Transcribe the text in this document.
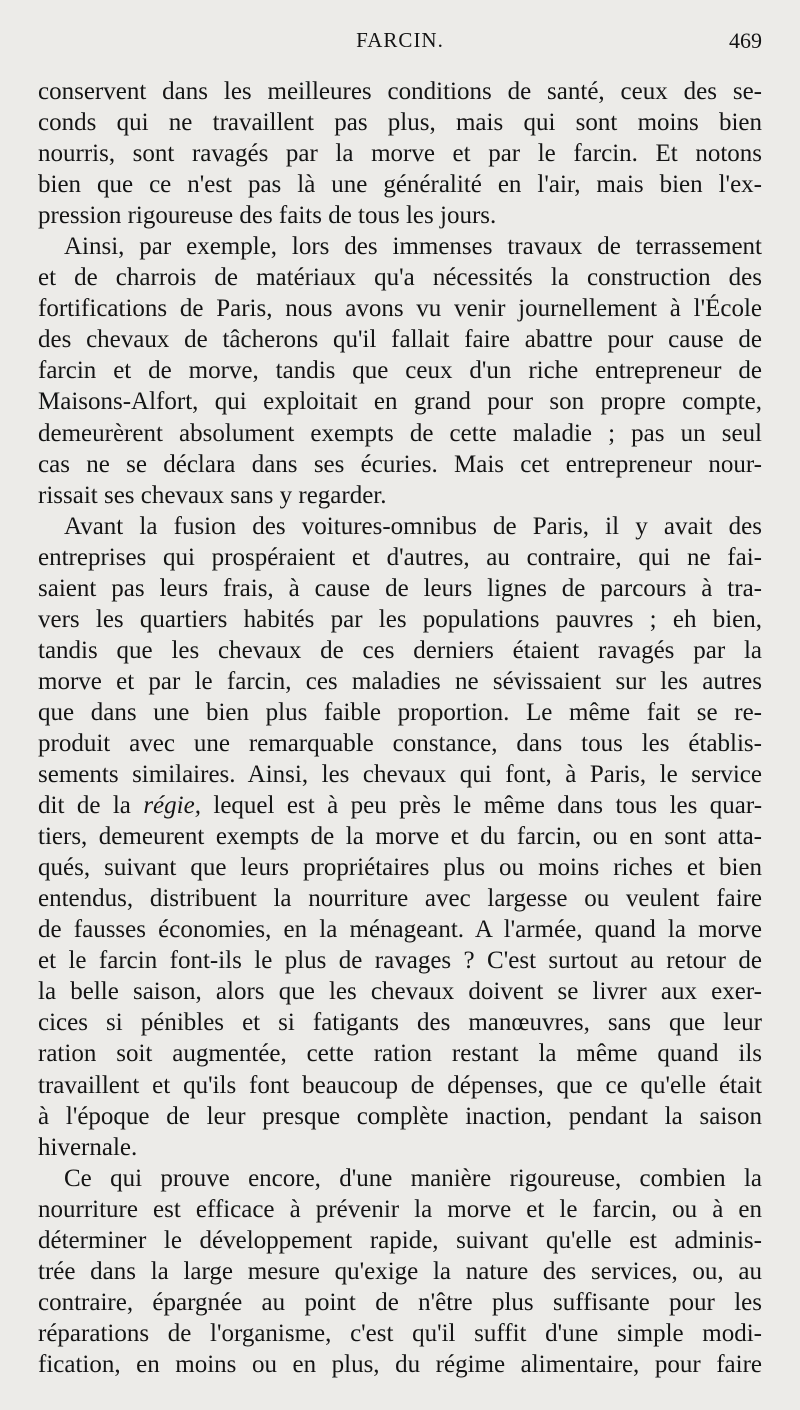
FARCIN.	469
conservent dans les meilleures conditions de santé, ceux des se-
conds qui ne travaillent pas plus, mais qui sont moins bien
nourris, sont ravagés par la morve et par le farcin. Et notons
bien que ce n'est pas là une généralité en l'air, mais bien l'ex-
pression rigoureuse des faits de tous les jours.
Ainsi, par exemple, lors des immenses travaux de terrassement
et de charrois de matériaux qu'a nécessités la construction des
fortifications de Paris, nous avons vu venir journellement à l'École
des chevaux de tâcherons qu'il fallait faire abattre pour cause de
farcin et de morve, tandis que ceux d'un riche entrepreneur de
Maisons-Alfort, qui exploitait en grand pour son propre compte,
demeurèrent absolument exempts de cette maladie ; pas un seul
cas ne se déclara dans ses écuries. Mais cet entrepreneur nour-
rissait ses chevaux sans y regarder.
Avant la fusion des voitures-omnibus de Paris, il y avait des
entreprises qui prospéraient et d'autres, au contraire, qui ne fai-
saient pas leurs frais, à cause de leurs lignes de parcours à tra-
vers les quartiers habités par les populations pauvres ; eh bien,
tandis que les chevaux de ces derniers étaient ravagés par la
morve et par le farcin, ces maladies ne sévissaient sur les autres
que dans une bien plus faible proportion. Le même fait se re-
produit avec une remarquable constance, dans tous les établis-
sements similaires. Ainsi, les chevaux qui font, à Paris, le service
dit de la régie, lequel est à peu près le même dans tous les quar-
tiers, demeurent exempts de la morve et du farcin, ou en sont atta-
qués, suivant que leurs propriétaires plus ou moins riches et bien
entendus, distribuent la nourriture avec largesse ou veulent faire
de fausses économies, en la ménageant. A l'armée, quand la morve
et le farcin font-ils le plus de ravages ? C'est surtout au retour de
la belle saison, alors que les chevaux doivent se livrer aux exer-
cices si pénibles et si fatigants des manœuvres, sans que leur
ration soit augmentée, cette ration restant la même quand ils
travaillent et qu'ils font beaucoup de dépenses, que ce qu'elle était
à l'époque de leur presque complète inaction, pendant la saison
hivernale.
Ce qui prouve encore, d'une manière rigoureuse, combien la
nourriture est efficace à prévenir la morve et le farcin, ou à en
déterminer le développement rapide, suivant qu'elle est adminis-
trée dans la large mesure qu'exige la nature des services, ou, au
contraire, épargnée au point de n'être plus suffisante pour les
réparations de l'organisme, c'est qu'il suffit d'une simple modi-
fication, en moins ou en plus, du régime alimentaire, pour faire
